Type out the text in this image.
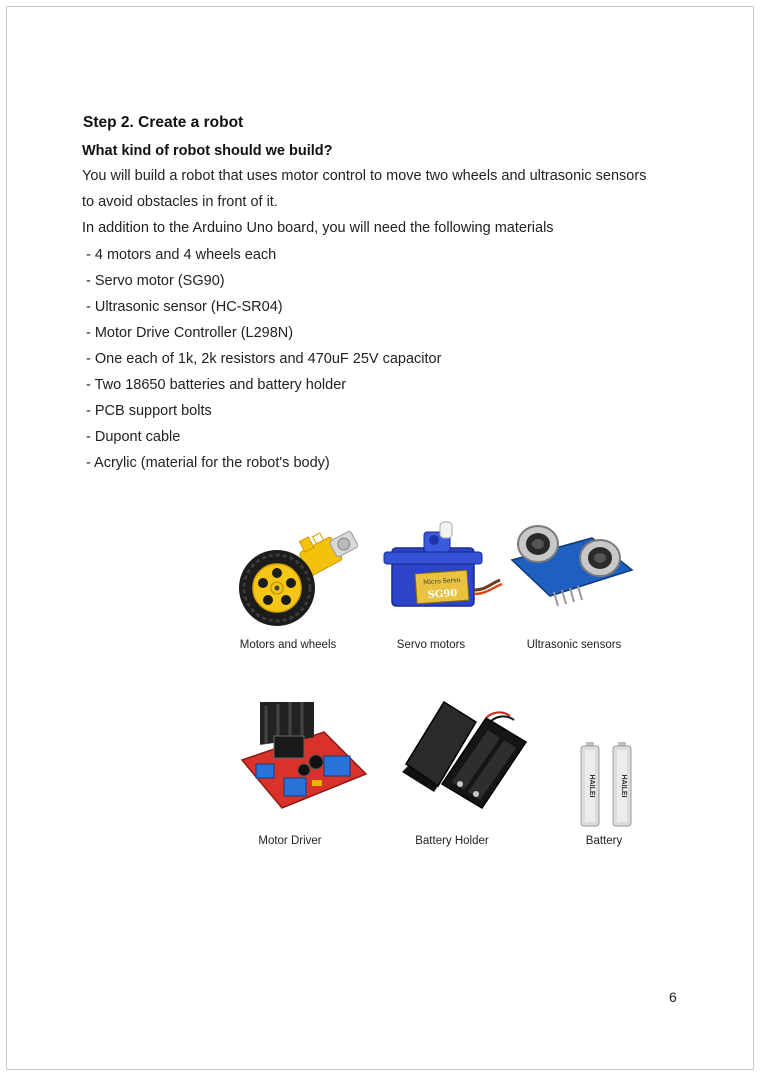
Step 2. Create a robot
What kind of robot should we build?
You will build a robot that uses motor control to move two wheels and ultrasonic sensors
to avoid obstacles in front of it.
In addition to the Arduino Uno board, you will need the following materials
- 4 motors and 4 wheels each
- Servo motor (SG90)
- Ultrasonic sensor (HC-SR04)
- Motor Drive Controller (L298N)
- One each of 1k, 2k resistors and 470uF 25V capacitor
- Two 18650 batteries and battery holder
- PCB support bolts
- Dupont cable
- Acrylic (material for the robot's body)
Motors and wheels
Micro Servo
SG90
Servo motors	Ultrasonic sensors
Motor Driver	Battery Holder
HAILEI	HAILEI
Battery
6
